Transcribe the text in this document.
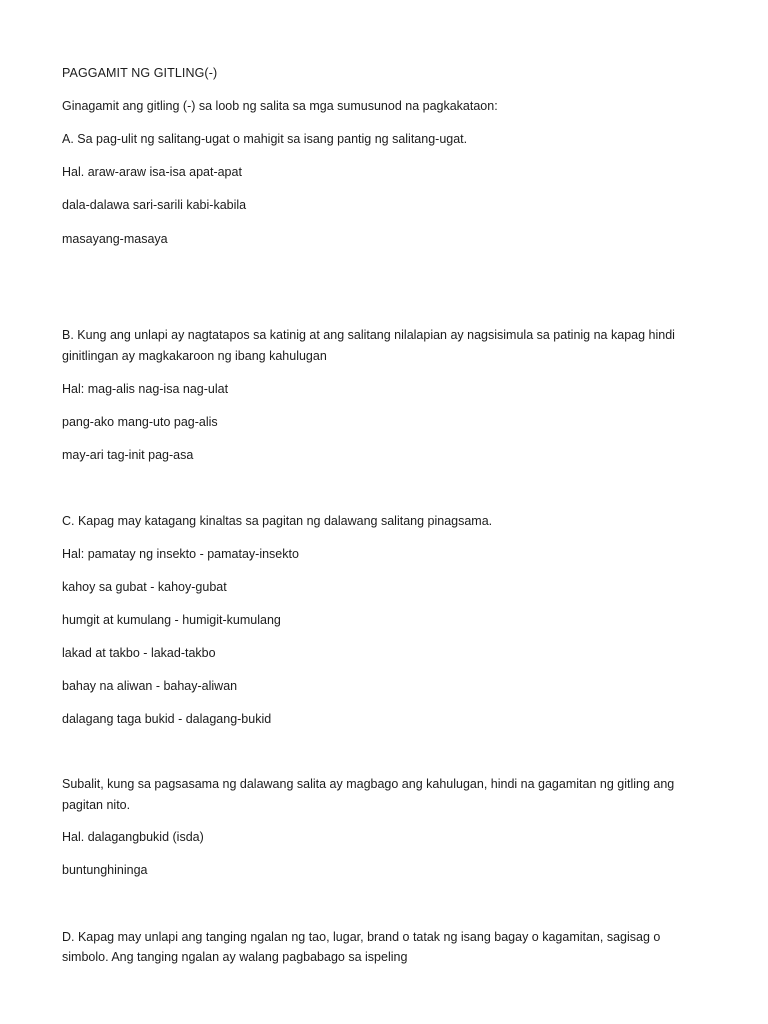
PAGGAMIT NG GITLING(-)
Ginagamit ang gitling (-) sa loob ng salita sa mga sumusunod na pagkakataon:
A. Sa pag-ulit ng salitang-ugat o mahigit sa isang pantig ng salitang-ugat.
Hal. araw-araw isa-isa apat-apat
dala-dalawa sari-sarili kabi-kabila
masayang-masaya
B. Kung ang unlapi ay nagtatapos sa katinig at ang salitang nilalapian ay nagsisimula sa patinig na kapag hindi
ginitlingan ay magkakaroon ng ibang kahulugan
Hal: mag-alis nag-isa nag-ulat
pang-ako mang-uto pag-alis
may-ari tag-init pag-asa
C. Kapag may katagang kinaltas sa pagitan ng dalawang salitang pinagsama.
Hal: pamatay ng insekto - pamatay-insekto
kahoy sa gubat - kahoy-gubat
humgit at kumulang - humigit-kumulang
lakad at takbo - lakad-takbo
bahay na aliwan - bahay-aliwan
dalagang taga bukid - dalagang-bukid
Subalit, kung sa pagsasama ng dalawang salita ay magbago ang kahulugan, hindi na gagamitan ng gitling ang
pagitan nito.
Hal. dalagangbukid (isda)
buntunghininga
D. Kapag may unlapi ang tanging ngalan ng tao, lugar, brand o tatak ng isang bagay o kagamitan, sagisag o
simbolo. Ang tanging ngalan ay walang pagbabago sa ispeling
